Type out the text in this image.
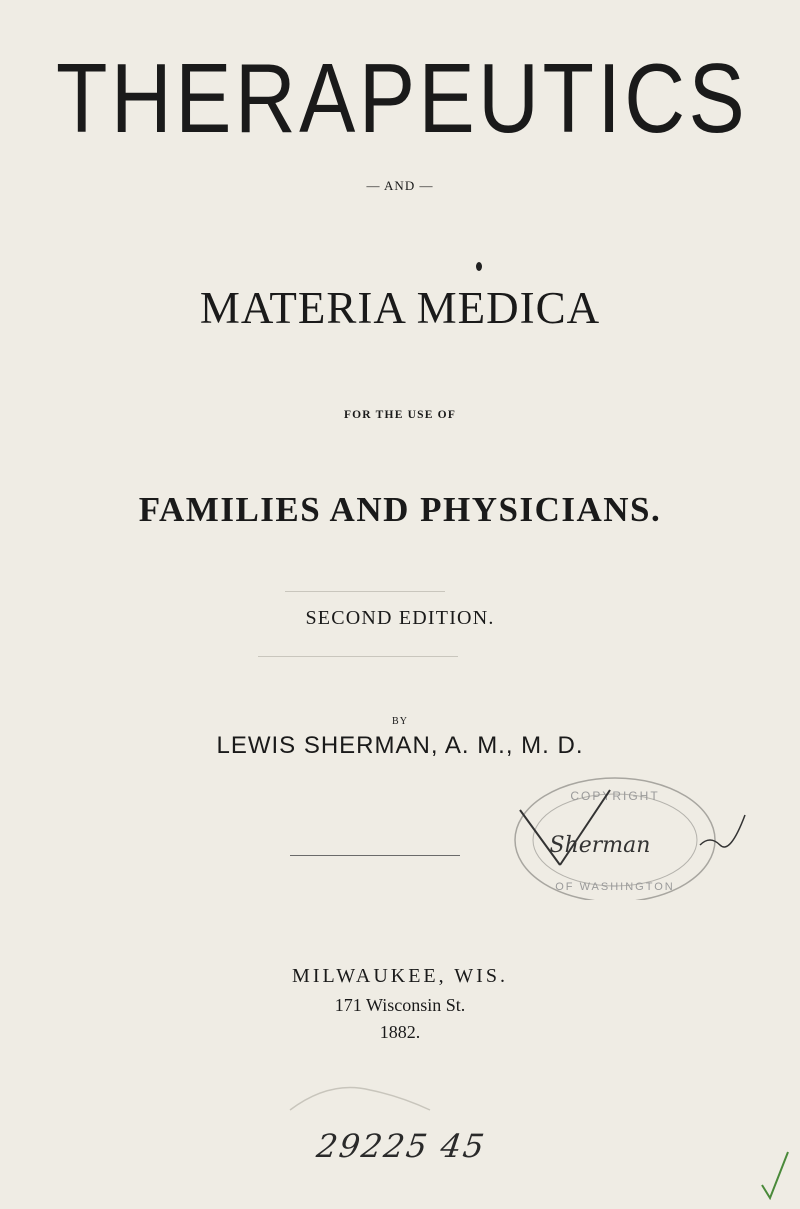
THERAPEUTICS
— AND —
MATERIA MEDICA
FOR THE USE OF
FAMILIES AND PHYSICIANS.
SECOND EDITION.
BY
LEWIS SHERMAN, A. M., M. D.
COPYRIGHT
OF WASHINGTON
Sherman
MILWAUKEE, WIS.
171 Wisconsin St.
1882.
29225 45
